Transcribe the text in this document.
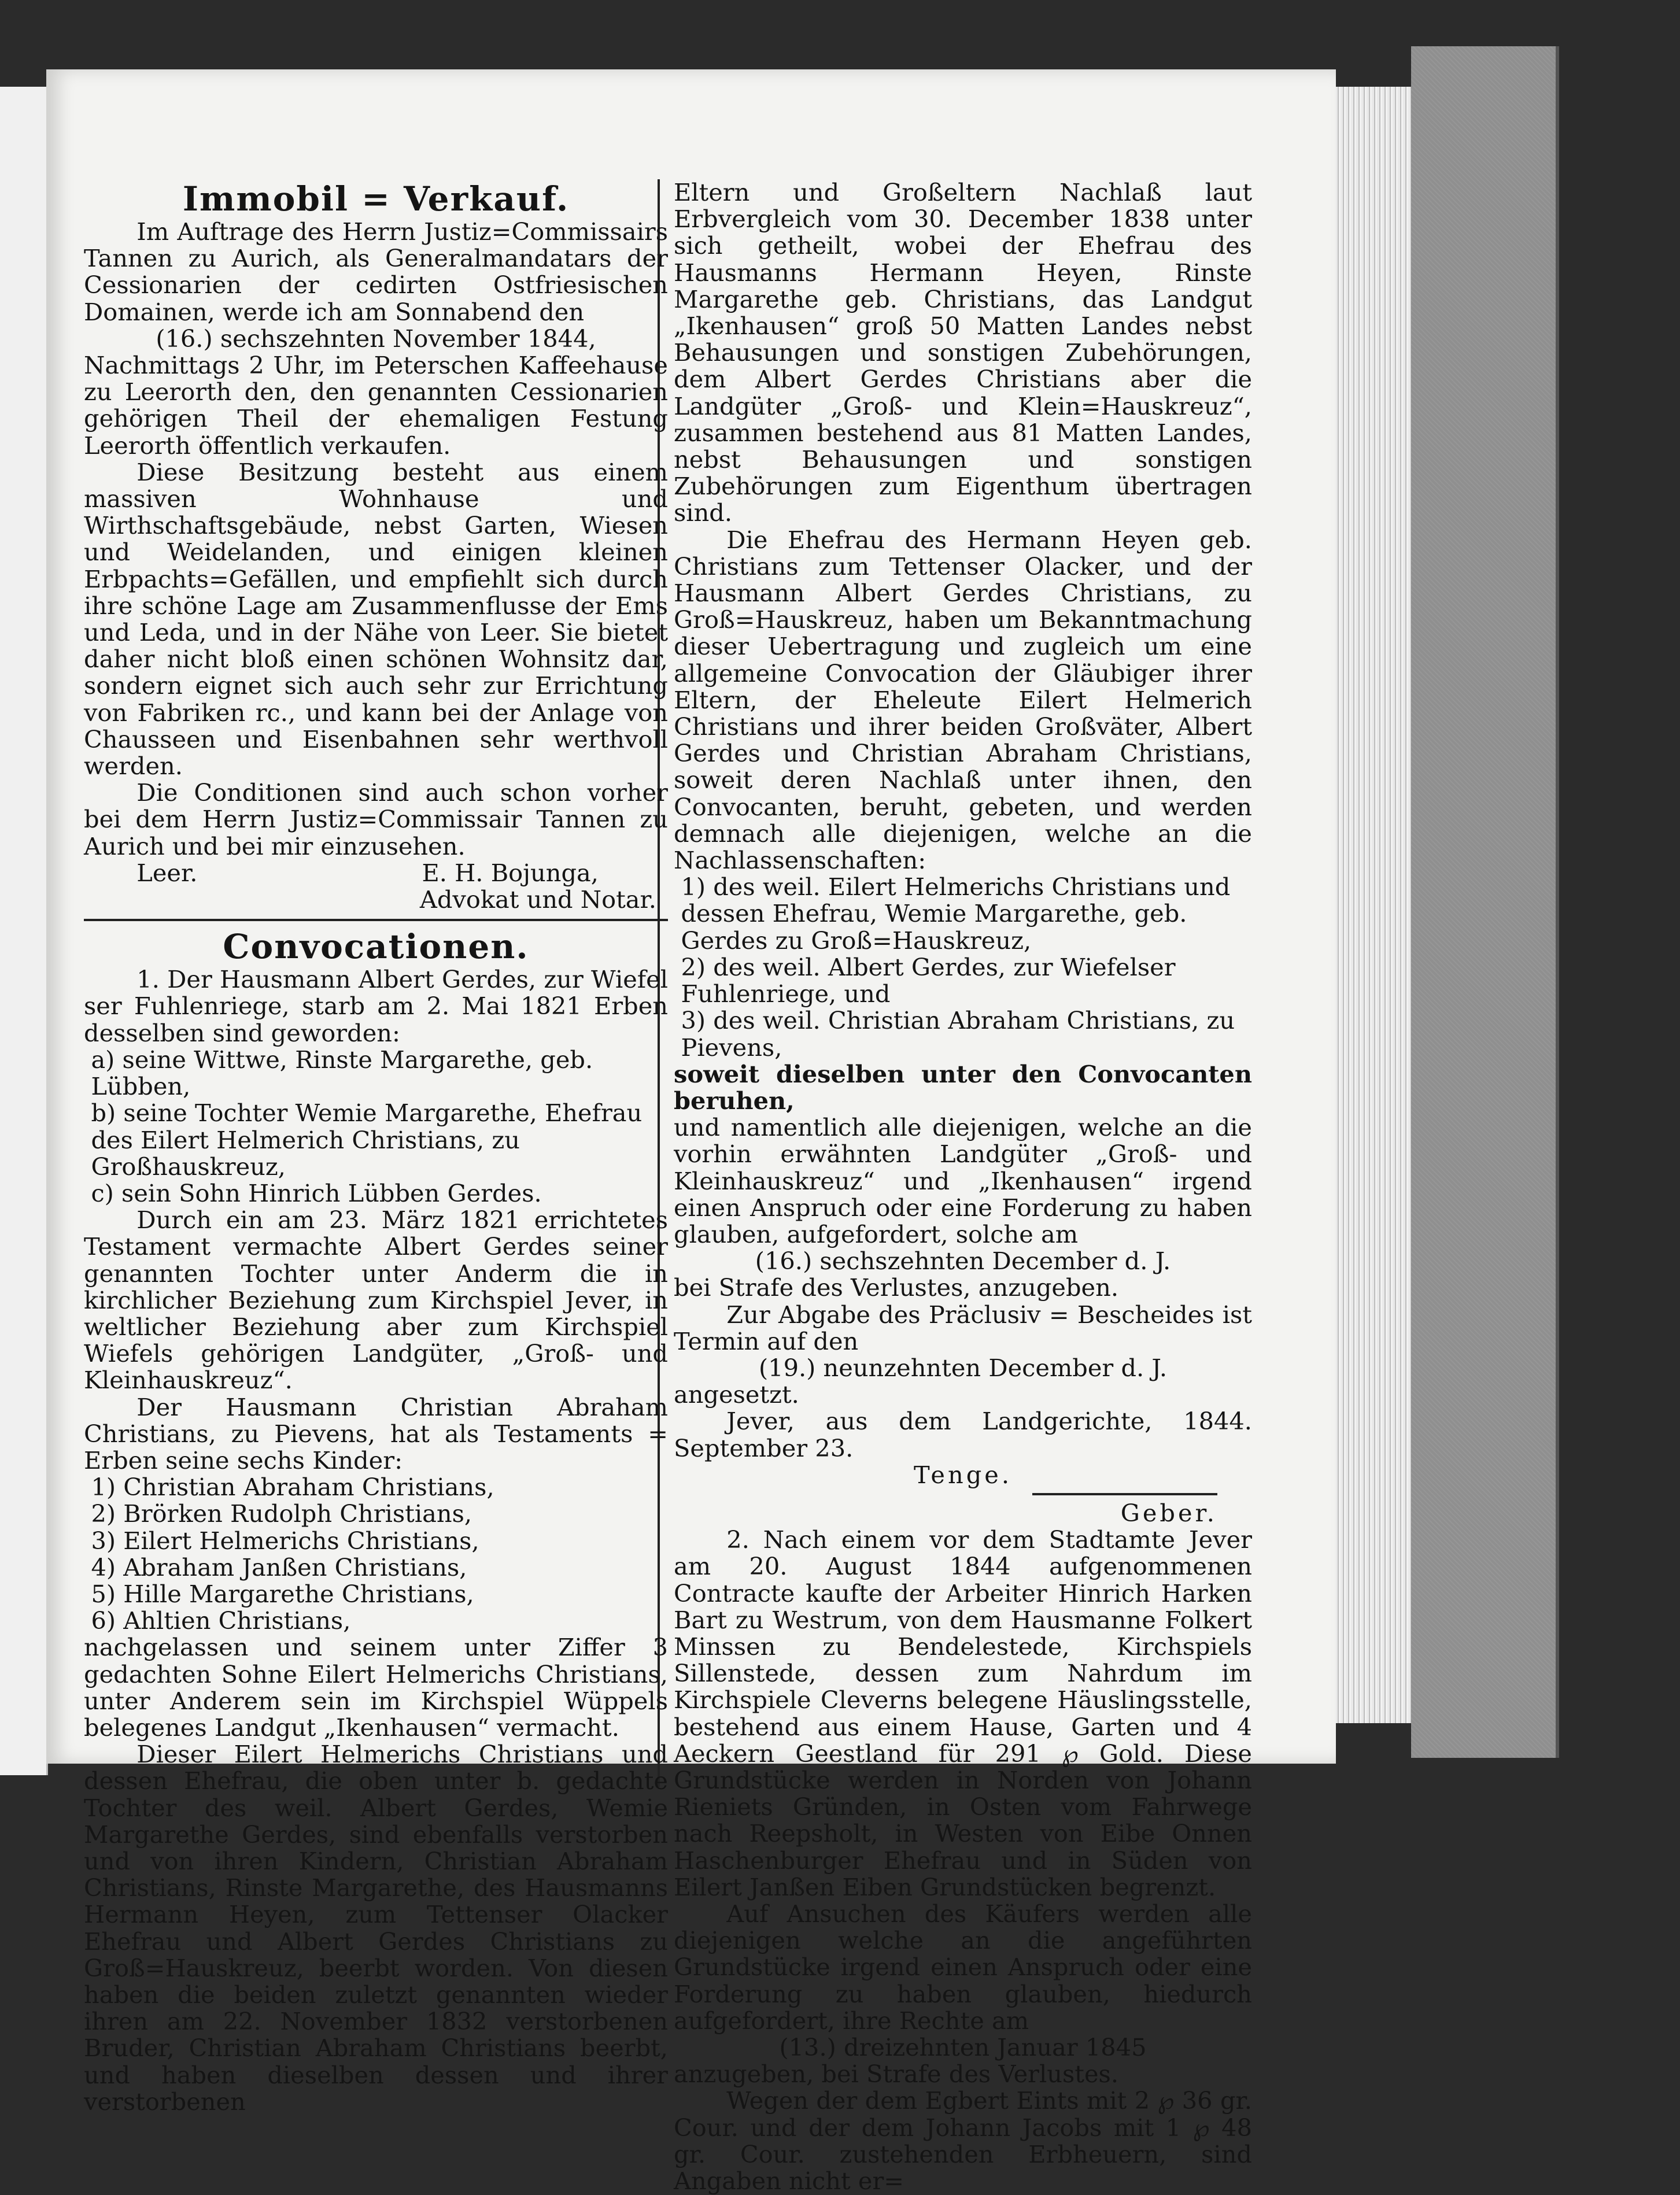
Immobil = Verkauf.

Im Auftrage des Herrn Justiz=Commissairs Tannen zu Aurich, als Generalmandatars der Cessionarien der cedirten Ostfriesischen Domainen, werde ich am Sonnabend den

(16.) sechszehnten November 1844,

Nachmittags 2 Uhr, im Peterschen Kaffeehause zu Leerorth den, den genannten Cessionarien gehörigen Theil der ehemaligen Festung Leerorth öffentlich verkaufen.

Diese Besitzung besteht aus einem massiven Wohnhause und Wirthschaftsgebäude, nebst Garten, Wiesen und Weidelanden, und einigen kleinen Erbpachts=Gefällen, und empfiehlt sich durch ihre schöne Lage am Zusammenflusse der Ems und Leda, und in der Nähe von Leer. Sie bietet daher nicht bloß einen schönen Wohnsitz dar, sondern eignet sich auch sehr zur Errichtung von Fabriken rc., und kann bei der Anlage von Chausseen und Eisenbahnen sehr werthvoll werden.

Die Conditionen sind auch schon vorher bei dem Herrn Justiz=Commissair Tannen zu Aurich und bei mir einzusehen.

Leer.	E. H. Bojunga,

Advokat und Notar.

Convocationen.

1. Der Hausmann Albert Gerdes, zur Wiefel ser Fuhlenriege, starb am 2. Mai 1821 Erben desselben sind geworden:

a) seine Wittwe, Rinste Margarethe, geb. Lübben,

b) seine Tochter Wemie Margarethe, Ehefrau des Eilert Helmerich Christians, zu Großhauskreuz,

c) sein Sohn Hinrich Lübben Gerdes.

Durch ein am 23. März 1821 errichtetes Testament vermachte Albert Gerdes seiner genannten Tochter unter Anderm die in kirchlicher Beziehung zum Kirchspiel Jever, in weltlicher Beziehung aber zum Kirchspiel Wiefels gehörigen Landgüter, „Groß- und Kleinhauskreuz“.

Der Hausmann Christian Abraham Christians, zu Pievens, hat als Testaments = Erben seine sechs Kinder:

1) Christian Abraham Christians,

2) Brörken Rudolph Christians,

3) Eilert Helmerichs Christians,

4) Abraham Janßen Christians,

5) Hille Margarethe Christians,

6) Ahltien Christians,

nachgelassen und seinem unter Ziffer 3 gedachten Sohne Eilert Helmerichs Christians, unter Anderem sein im Kirchspiel Wüppels belegenes Landgut „Ikenhausen“ vermacht.

Dieser Eilert Helmerichs Christians und dessen Ehefrau, die oben unter b. gedachte Tochter des weil. Albert Gerdes, Wemie Margarethe Gerdes, sind ebenfalls verstorben und von ihren Kindern, Christian Abraham Christians, Rinste Margarethe, des Hausmanns Hermann Heyen, zum Tettenser Olacker Ehefrau und Albert Gerdes Christians zu Groß=Hauskreuz, beerbt worden. Von diesen haben die beiden zuletzt genannten wieder ihren am 22. November 1832 verstorbenen Bruder, Christian Abraham Christians beerbt, und haben dieselben dessen und ihrer verstorbenen

Eltern und Großeltern Nachlaß laut Erbvergleich vom 30. December 1838 unter sich getheilt, wobei der Ehefrau des Hausmanns Hermann Heyen, Rinste Margarethe geb. Christians, das Landgut „Ikenhausen“ groß 50 Matten Landes nebst Behausungen und sonstigen Zubehörungen, dem Albert Gerdes Christians aber die Landgüter „Groß- und Klein=Hauskreuz“, zusammen bestehend aus 81 Matten Landes, nebst Behausungen und sonstigen Zubehörungen zum Eigenthum übertragen sind.

Die Ehefrau des Hermann Heyen geb. Christians zum Tettenser Olacker, und der Hausmann Albert Gerdes Christians, zu Groß=Hauskreuz, haben um Bekanntmachung dieser Uebertragung und zugleich um eine allgemeine Convocation der Gläubiger ihrer Eltern, der Eheleute Eilert Helmerich Christians und ihrer beiden Großväter, Albert Gerdes und Christian Abraham Christians, soweit deren Nachlaß unter ihnen, den Convocanten, beruht, gebeten, und werden demnach alle diejenigen, welche an die Nachlassenschaften:

1) des weil. Eilert Helmerichs Christians und dessen Ehefrau, Wemie Margarethe, geb. Gerdes zu Groß=Hauskreuz,

2) des weil. Albert Gerdes, zur Wiefelser Fuhlenriege, und

3) des weil. Christian Abraham Christians, zu Pievens,

soweit dieselben unter den Convocanten beruhen,

und namentlich alle diejenigen, welche an die vorhin erwähnten Landgüter „Groß- und Kleinhauskreuz“ und „Ikenhausen“ irgend einen Anspruch oder eine Forderung zu haben glauben, aufgefordert, solche am

(16.) sechszehnten December d. J.

bei Strafe des Verlustes, anzugeben.

Zur Abgabe des Präclusiv = Bescheides ist Termin auf den

(19.) neunzehnten December d. J.

angesetzt.

Jever, aus dem Landgerichte, 1844. September 23.

Tenge.

Geber.

2. Nach einem vor dem Stadtamte Jever am 20. August 1844 aufgenommenen Contracte kaufte der Arbeiter Hinrich Harken Bart zu Westrum, von dem Hausmanne Folkert Minssen zu Bendelestede, Kirchspiels Sillenstede, dessen zum Nahrdum im Kirchspiele Cleverns belegene Häuslingsstelle, bestehend aus einem Hause, Garten und 4 Aeckern Geestland für 291 ℘ Gold. Diese Grundstücke werden in Norden von Johann Rieniets Gründen, in Osten vom Fahrwege nach Reepsholt, in Westen von Eibe Onnen Haschenburger Ehefrau und in Süden von Eilert Janßen Eiben Grundstücken begrenzt.

Auf Ansuchen des Käufers werden alle diejenigen welche an die angeführten Grundstücke irgend einen Anspruch oder eine Forderung zu haben glauben, hiedurch aufgefordert, ihre Rechte am

(13.) dreizehnten Januar 1845

anzugeben, bei Strafe des Verlustes.

Wegen der dem Egbert Eints mit 2 ℘ 36 gr. Cour. und der dem Johann Jacobs mit 1 ℘ 48 gr. Cour. zustehenden Erbheuern, sind Angaben nicht er=
